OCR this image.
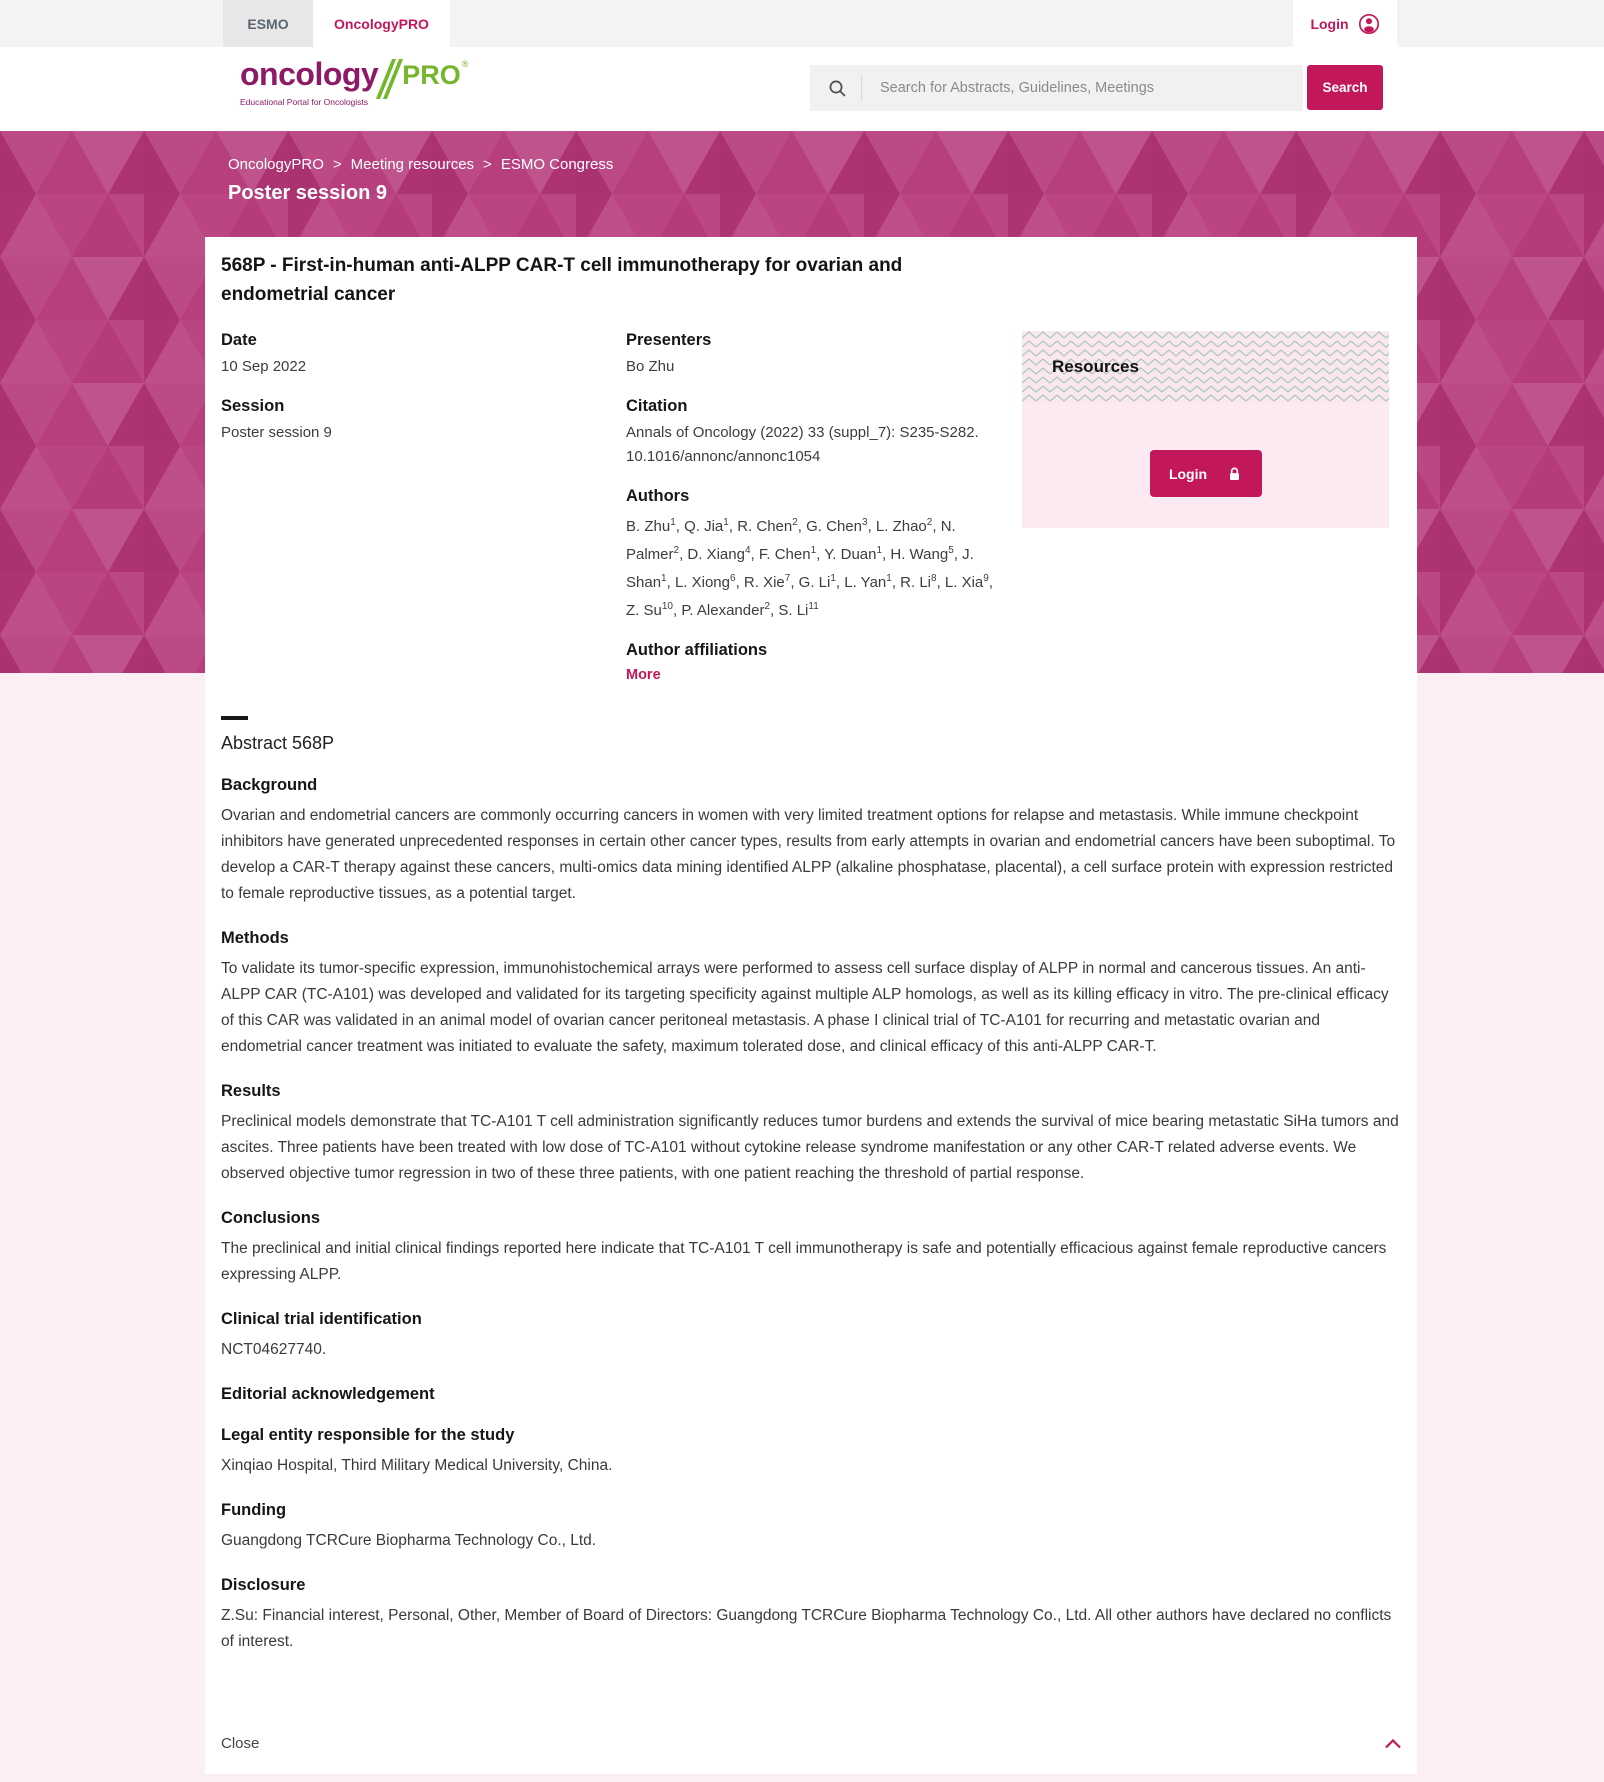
ESMO	OncologyPRO	Login
oncology PRO ®
Educational Portal for Oncologists
Search for Abstracts, Guidelines, Meetings
Search
OncologyPRO > Meeting resources > ESMO Congress
Poster session 9
568P - First-in-human anti-ALPP CAR-T cell immunotherapy for ovarian and endometrial cancer
Date
10 Sep 2022
Session
Poster session 9
Presenters
Bo Zhu
Citation
Annals of Oncology (2022) 33 (suppl_7): S235-S282. 10.1016/annonc/annonc1054
Authors
B. Zhu$^1$, Q. Jia$^1$, R. Chen$^2$, G. Chen$^3$, L. Zhao$^2$, N. Palmer$^2$, D. Xiang$^4$, F. Chen$^1$, Y. Duan$^1$, H. Wang$^5$, J. Shan$^1$, L. Xiong$^6$, R. Xie$^7$, G. Li$^1$, L. Yan$^1$, R. Li$^8$, L. Xia$^9$, Z. Su$^{10}$, P. Alexander$^2$, S. Li$^{11}$
Author affiliations
More
Resources
Login
Abstract 568P
Background

Ovarian and endometrial cancers are commonly occurring cancers in women with very limited treatment options for relapse and metastasis. While immune checkpoint inhibitors have generated unprecedented responses in certain other cancer types, results from early attempts in ovarian and endometrial cancers have been suboptimal. To develop a CAR-T therapy against these cancers, multi-omics data mining identified ALPP (alkaline phosphatase, placental), a cell surface protein with expression restricted to female reproductive tissues, as a potential target.

Methods

To validate its tumor-specific expression, immunohistochemical arrays were performed to assess cell surface display of ALPP in normal and cancerous tissues. An anti-ALPP CAR (TC-A101) was developed and validated for its targeting specificity against multiple ALP homologs, as well as its killing efficacy in vitro. The pre-clinical efficacy of this CAR was validated in an animal model of ovarian cancer peritoneal metastasis. A phase I clinical trial of TC-A101 for recurring and metastatic ovarian and endometrial cancer treatment was initiated to evaluate the safety, maximum tolerated dose, and clinical efficacy of this anti-ALPP CAR-T.

Results

Preclinical models demonstrate that TC-A101 T cell administration significantly reduces tumor burdens and extends the survival of mice bearing metastatic SiHa tumors and ascites. Three patients have been treated with low dose of TC-A101 without cytokine release syndrome manifestation or any other CAR-T related adverse events. We observed objective tumor regression in two of these three patients, with one patient reaching the threshold of partial response.

Conclusions

The preclinical and initial clinical findings reported here indicate that TC-A101 T cell immunotherapy is safe and potentially efficacious against female reproductive cancers expressing ALPP.

Clinical trial identification

NCT04627740.

Editorial acknowledgement
Legal entity responsible for the study

Xinqiao Hospital, Third Military Medical University, China.

Funding

Guangdong TCRCure Biopharma Technology Co., Ltd.

Disclosure

Z.Su: Financial interest, Personal, Other, Member of Board of Directors: Guangdong TCRCure Biopharma Technology Co., Ltd. All other authors have declared no conflicts of interest.

Close
